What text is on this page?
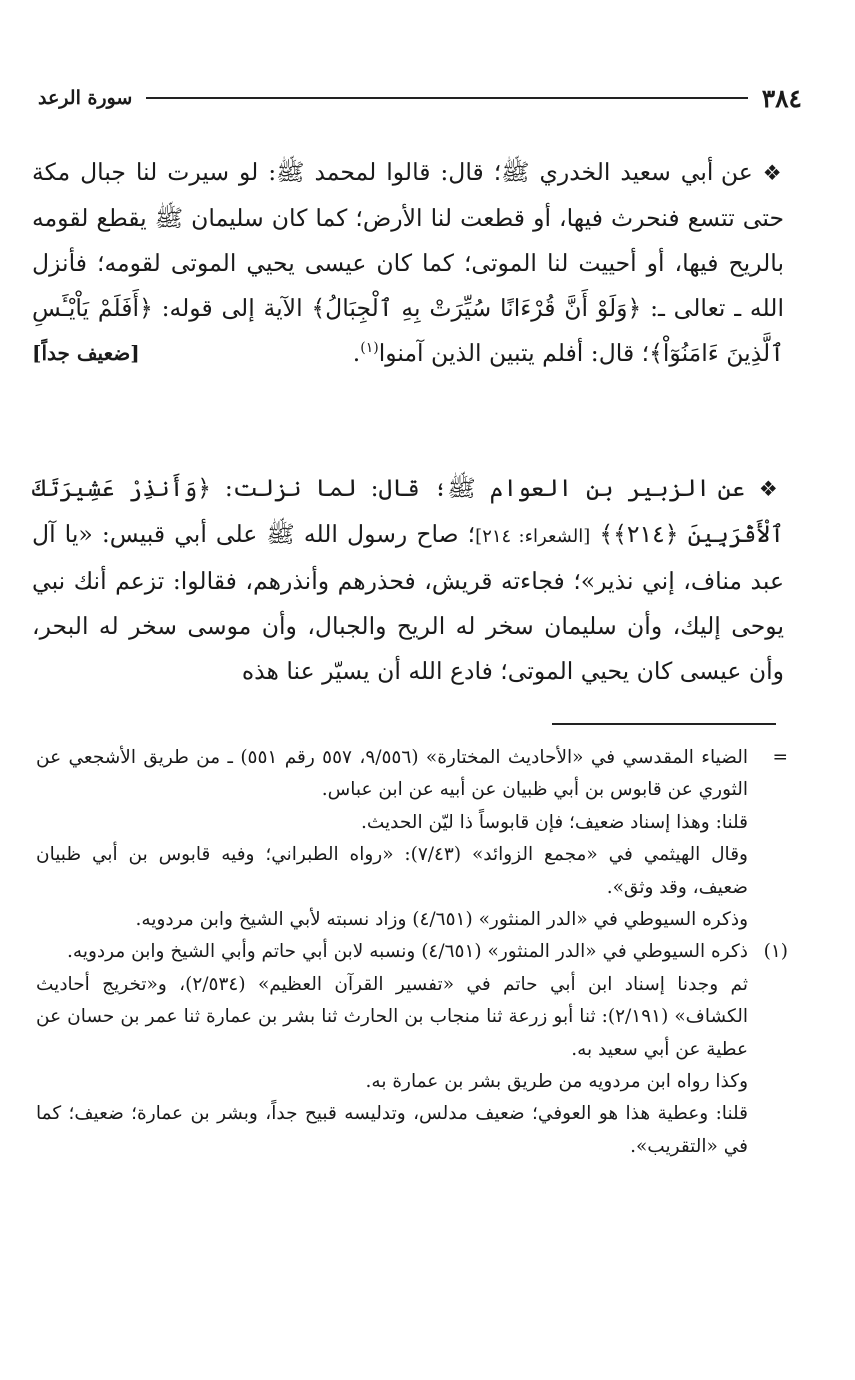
٣٨٤
سورة الرعد

❖ عن أبي سعيد الخدري ﷺ؛ قال: قالوا لمحمد ﷺ: لو سيرت لنا جبال مكة حتى تتسع فنحرث فيها، أو قطعت لنا الأرض؛ كما كان سليمان ﷺ يقطع لقومه بالريح فيها، أو أحييت لنا الموتى؛ كما كان عيسى يحيي الموتى لقومه؛ فأنزل الله ـ تعالى ـ: ﴿وَلَوْ أَنَّ قُرْءَانًا سُيِّرَتْ بِهِ ٱلْجِبَالُ﴾ الآية إلى قوله: ﴿أَفَلَمْ يَاْيْـَٔسِ ٱلَّذِينَ ءَامَنُوٓاْ﴾؛ قال: أفلم يتبين الذين آمنوا$^{(١)}$.
[ضعيف جداً]

❖ عن الزبير بن العوام ﷺ؛ قال: لما نزلت: ﴿وَأَنذِرْ عَشِيرَتَكَ ٱلْأَقْرَبِينَ ﴿٢١٤﴾﴾ [الشعراء: ٢١٤]؛ صاح رسول الله ﷺ على أبي قبيس: «يا آل عبد مناف، إني نذير»؛ فجاءته قريش، فحذرهم وأنذرهم، فقالوا: تزعم أنك نبي يوحى إليك، وأن سليمان سخر له الريح والجبال، وأن موسى سخر له البحر، وأن عيسى كان يحيي الموتى؛ فادع الله أن يسيّر عنا هذه

=
الضياء المقدسي في «الأحاديث المختارة» (٩/٥٥٦، ٥٥٧ رقم ٥٥١) ـ من طريق الأشجعي عن الثوري عن قابوس بن أبي ظبيان عن أبيه عن ابن عباس.
قلنا: وهذا إسناد ضعيف؛ فإن قابوساً ذا ليّن الحديث.
وقال الهيثمي في «مجمع الزوائد» (٧/٤٣): «رواه الطبراني؛ وفيه قابوس بن أبي ظبيان ضعيف، وقد وثق».
وذكره السيوطي في «الدر المنثور» (٤/٦٥١) وزاد نسبته لأبي الشيخ وابن مردويه.
(١)
ذكره السيوطي في «الدر المنثور» (٤/٦٥١) ونسبه لابن أبي حاتم وأبي الشيخ وابن مردويه.
ثم وجدنا إسناد ابن أبي حاتم في «تفسير القرآن العظيم» (٢/٥٣٤)، و«تخريج أحاديث الكشاف» (٢/١٩١): ثنا أبو زرعة ثنا منجاب بن الحارث ثنا بشر بن عمارة ثنا عمر بن حسان عن عطية عن أبي سعيد به.
وكذا رواه ابن مردويه من طريق بشر بن عمارة به.
قلنا: وعطية هذا هو العوفي؛ ضعيف مدلس، وتدليسه قبيح جداً، وبشر بن عمارة؛ ضعيف؛ كما في «التقريب».
